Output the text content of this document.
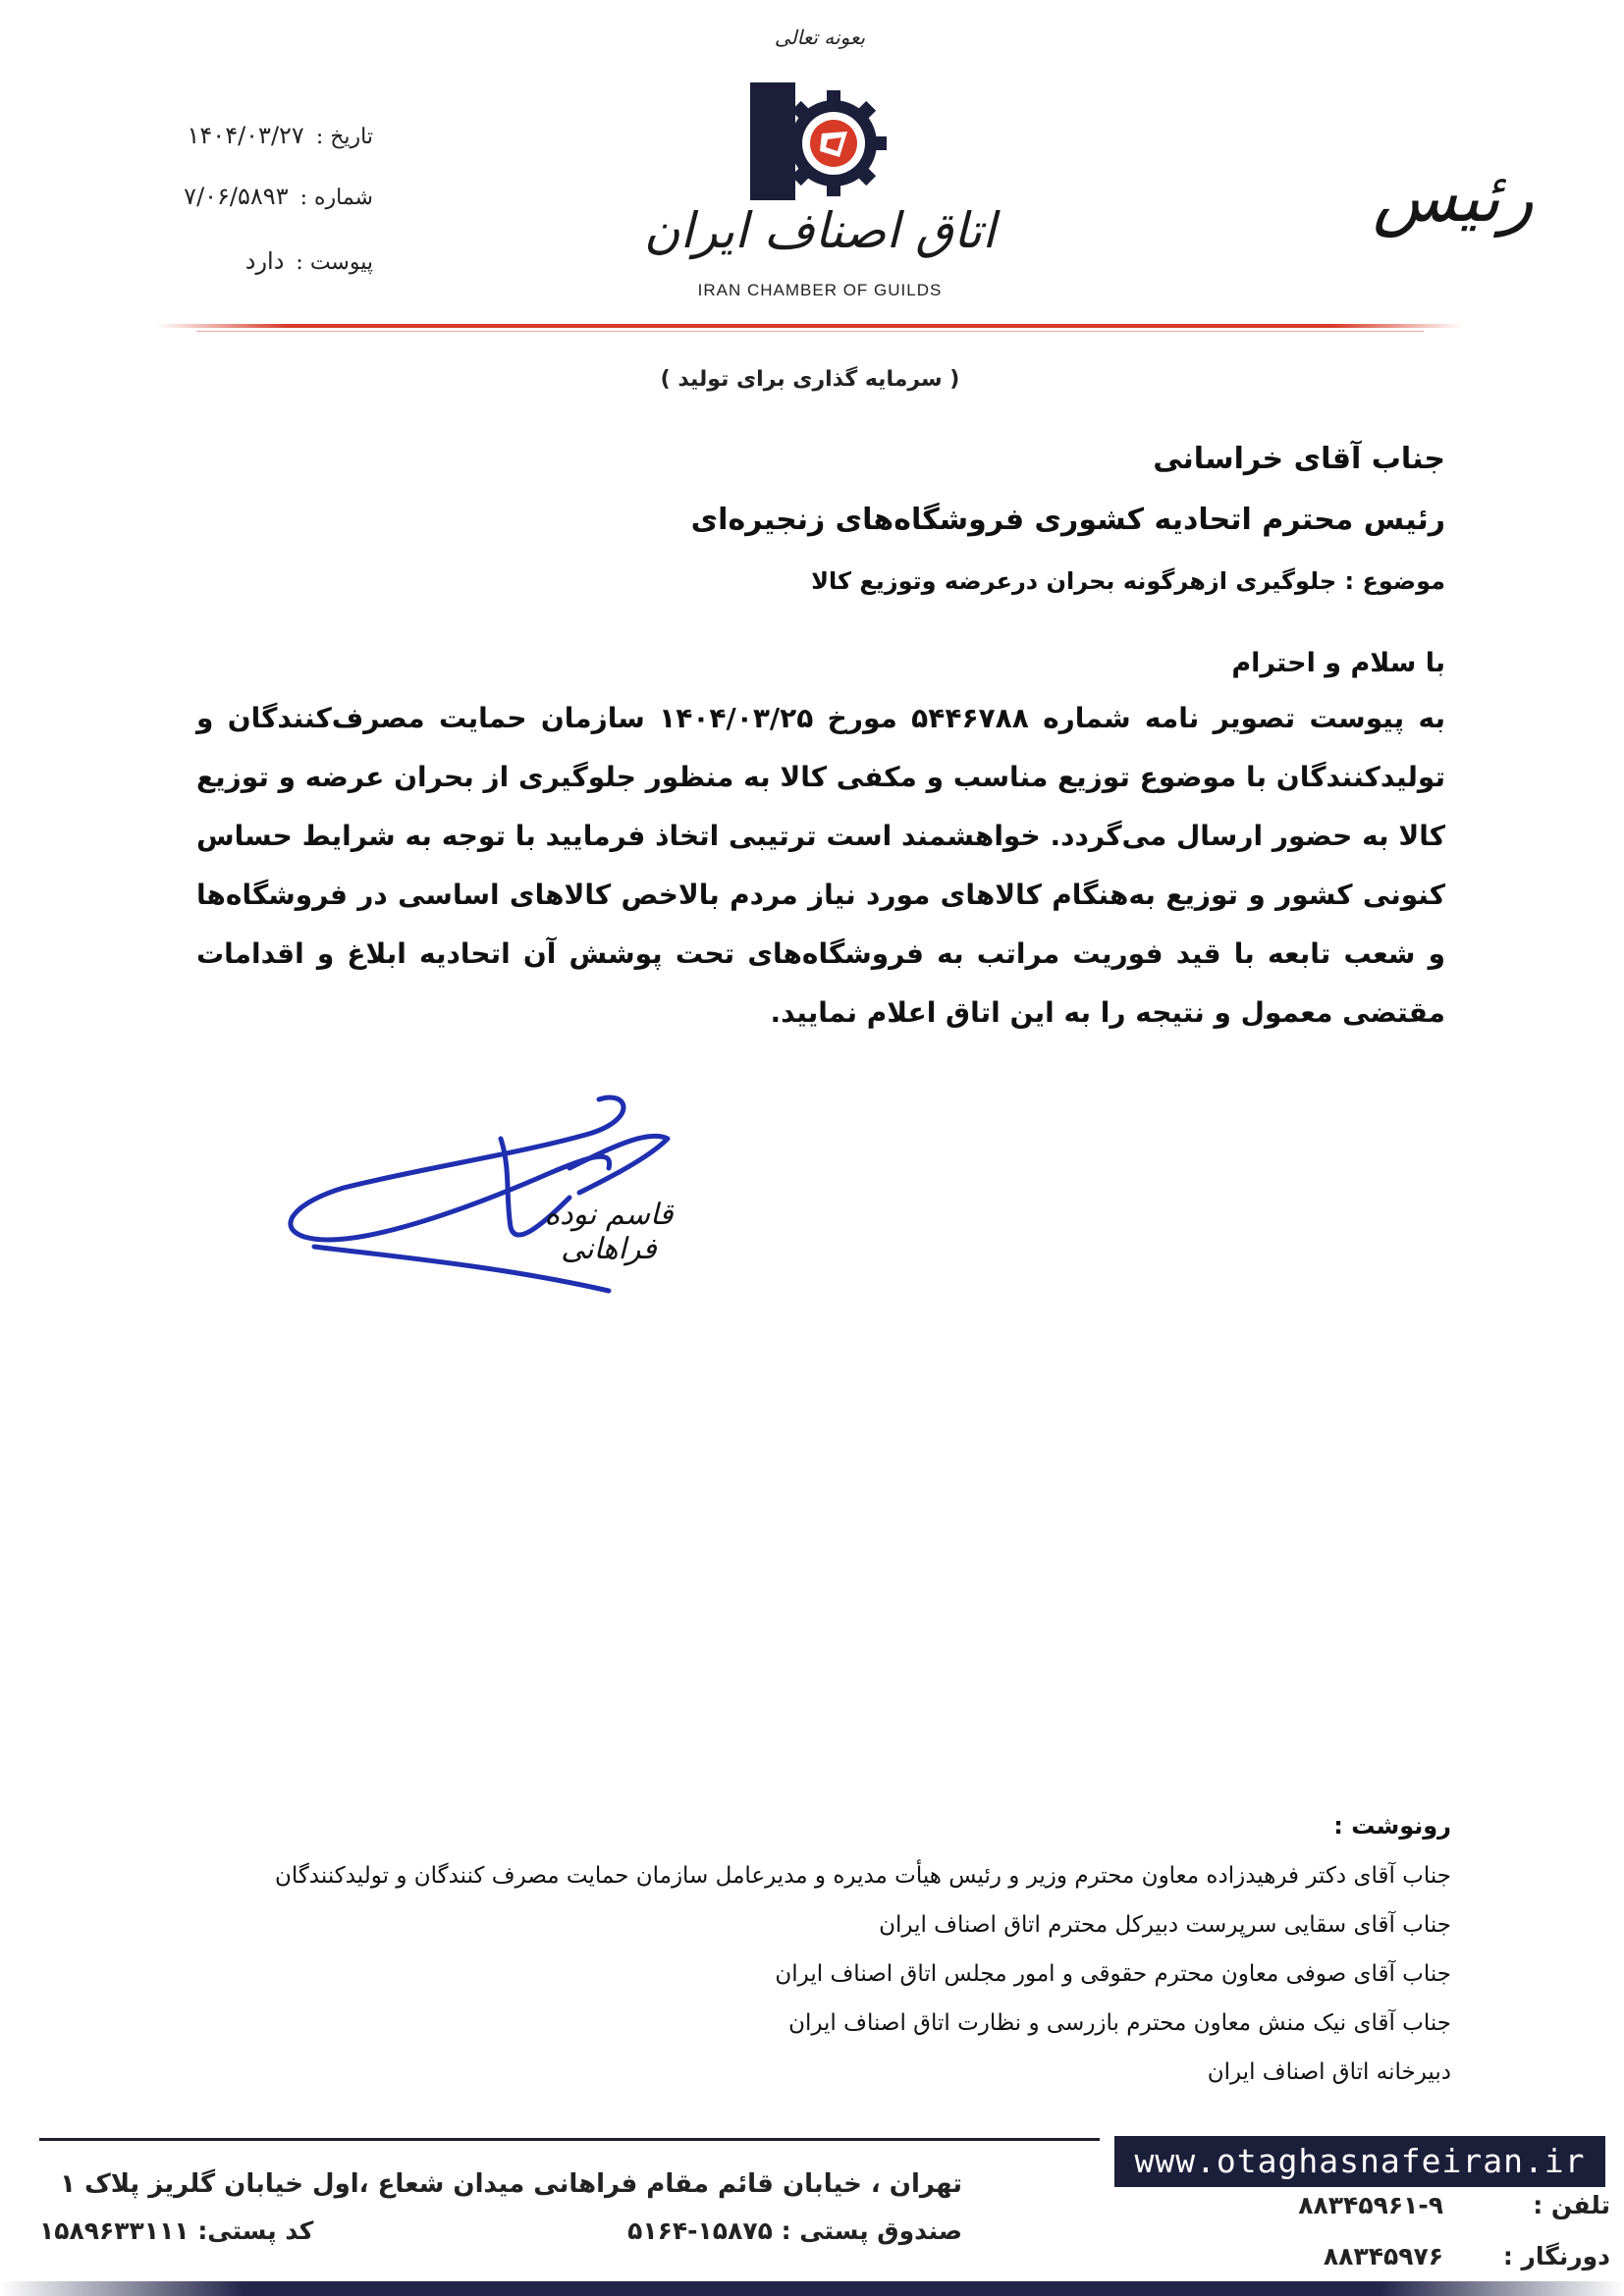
بعونه تعالی
اتاق اصناف ایران
IRAN CHAMBER OF GUILDS
رئیس
تاریخ :
۱۴۰۴/۰۳/۲۷
شماره :
۷/۰۶/۵۸۹۳
پیوست :
دارد
( سرمایه گذاری برای تولید )
جناب آقای خراسانی
رئیس محترم اتحادیه کشوری فروشگاه‌های زنجیره‌ای
موضوع : جلوگیری ازهرگونه بحران درعرضه وتوزیع کالا
با سلام و احترام
به پیوست تصویر نامه شماره ۵۴۴۶۷۸۸ مورخ ۱۴۰۴/۰۳/۲۵ سازمان حمایت مصرف‌کنندگان و تولیدکنندگان با موضوع توزیع مناسب و مکفی کالا به منظور جلوگیری از بحران عرضه و توزیع کالا به حضور ارسال می‌گردد. خواهشمند است ترتیبی اتخاذ فرمایید با توجه به شرایط حساس کنونی کشور و توزیع به‌هنگام کالاهای مورد نیاز مردم بالاخص کالاهای اساسی در فروشگاه‌ها و شعب تابعه با قید فوریت مراتب به فروشگاه‌های تحت پوشش آن اتحادیه ابلاغ و اقدامات مقتضی معمول و نتیجه را به این اتاق اعلام نمایید.
قاسم نوده فراهانی
رونوشت :
جناب آقای دکتر فرهیدزاده معاون محترم وزیر و رئیس هیأت مدیره و مدیرعامل سازمان حمایت مصرف کنندگان و تولیدکنندگان
جناب آقای سقایی سرپرست دبیرکل محترم اتاق اصناف ایران
جناب آقای صوفی معاون محترم حقوقی و امور مجلس اتاق اصناف ایران
جناب آقای نیک منش معاون محترم بازرسی و نظارت اتاق اصناف ایران
دبیرخانه اتاق اصناف ایران
www.otaghasnafeiran.ir
تهران ، خیابان قائم مقام فراهانی میدان شعاع ،اول خیابان گلریز پلاک ۱
صندوق پستی : ۱۵۸۷۵-۵۱۶۴
کد پستی: ۱۵۸۹۶۳۳۱۱۱
تلفن :
۸۸۳۴۵۹۶۱-۹
دورنگار :
۸۸۳۴۵۹۷۶
